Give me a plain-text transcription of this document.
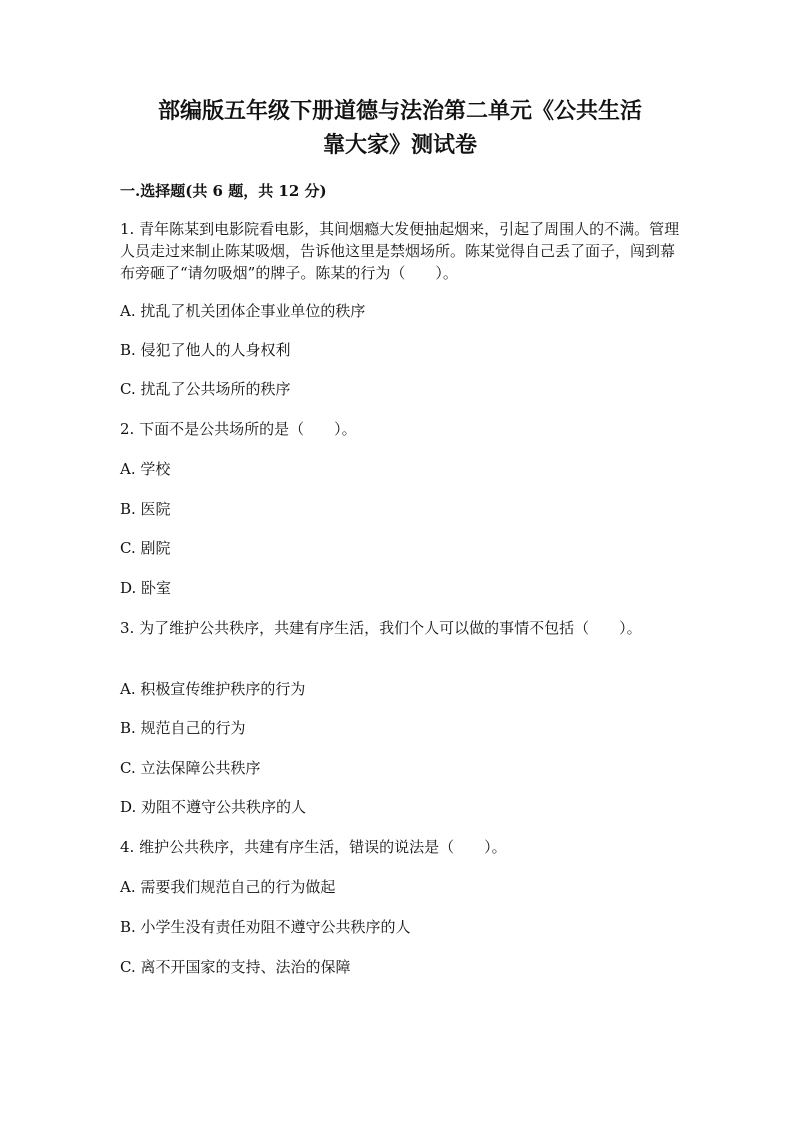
部编版五年级下册道德与法治第二单元《公共生活
靠大家》测试卷
一.选择题(共 6 题，共 12 分)
1. 青年陈某到电影院看电影，其间烟瘾大发便抽起烟来，引起了周围人的不满。管理人员走过来制止陈某吸烟，告诉他这里是禁烟场所。陈某觉得自己丢了面子，闯到幕布旁砸了“请勿吸烟”的牌子。陈某的行为（　　）。
A. 扰乱了机关团体企事业单位的秩序
B. 侵犯了他人的人身权利
C. 扰乱了公共场所的秩序
2. 下面不是公共场所的是（　　）。
A. 学校
B. 医院
C. 剧院
D. 卧室
3. 为了维护公共秩序，共建有序生活，我们个人可以做的事情不包括（　　）。
A. 积极宣传维护秩序的行为
B. 规范自己的行为
C. 立法保障公共秩序
D. 劝阻不遵守公共秩序的人
4. 维护公共秩序，共建有序生活，错误的说法是（　　）。
A. 需要我们规范自己的行为做起
B. 小学生没有责任劝阻不遵守公共秩序的人
C. 离不开国家的支持、法治的保障
